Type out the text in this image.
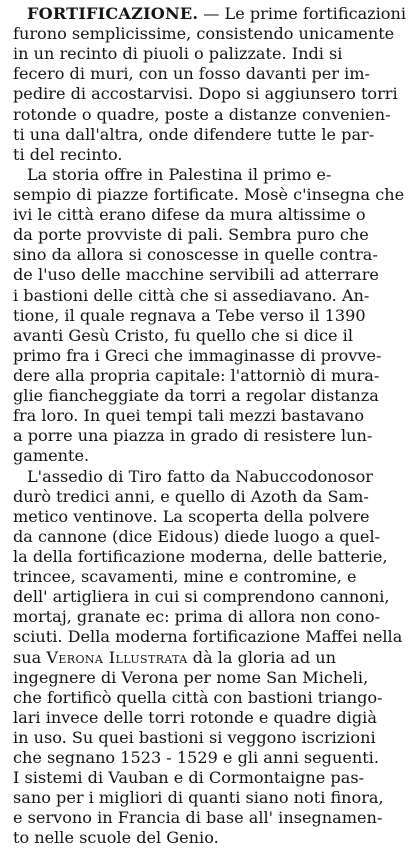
FORTIFICAZIONE. — Le prime fortificazioni
furono semplicissime, consistendo unicamente
in un recinto di piuoli o palizzate. Indi si
fecero di muri, con un fosso davanti per im-
pedire di accostarvisi. Dopo si aggiunsero torri
rotonde o quadre, poste a distanze convenien-
ti una dall'altra, onde difendere tutte le par-
ti del recinto.
La storia offre in Palestina il primo e-
sempio di piazze fortificate. Mosè c'insegna che
ivi le città erano difese da mura altissime o
da porte provviste di pali. Sembra puro che
sino da allora si conoscesse in quelle contra-
de l'uso delle macchine servibili ad atterrare
i bastioni delle città che si assediavano. An-
tione, il quale regnava a Tebe verso il 1390
avanti Gesù Cristo, fu quello che si dice il
primo fra i Greci che immaginasse di provve-
dere alla propria capitale: l'attorniò di mura-
glie fiancheggiate da torri a regolar distanza
fra loro. In quei tempi tali mezzi bastavano
a porre una piazza in grado di resistere lun-
gamente.
L'assedio di Tiro fatto da Nabuccodonosor
durò tredici anni, e quello di Azoth da Sam-
metico ventinove. La scoperta della polvere
da cannone (dice Eidous) diede luogo a quel-
la della fortificazione moderna, delle batterie,
trincee, scavamenti, mine e contromine, e
dell' artigliera in cui si comprendono cannoni,
mortaj, granate ec: prima di allora non cono-
sciuti. Della moderna fortificazione Maffei nella
sua Verona Illustrata dà la gloria ad un
ingegnere di Verona per nome San Micheli,
che fortificò quella città con bastioni triango-
lari invece delle torri rotonde e quadre digià
in uso. Su quei bastioni si veggono iscrizioni
che segnano 1523 - 1529 e gli anni seguenti.
I sistemi di Vauban e di Cormontaigne pas-
sano per i migliori di quanti siano noti finora,
e servono in Francia di base all' insegnamen-
to nelle scuole del Genio.
